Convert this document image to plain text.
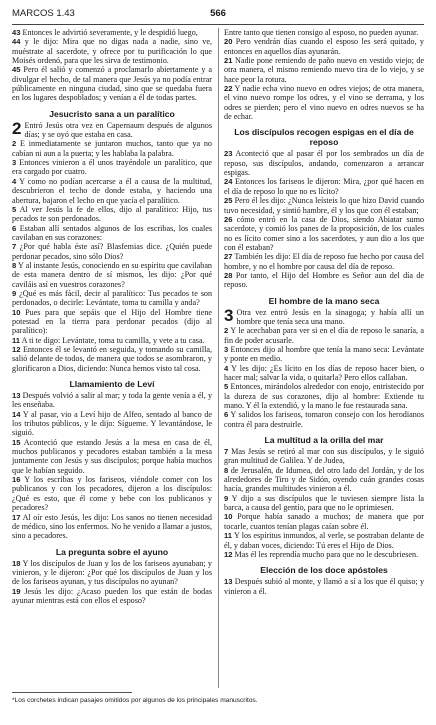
MARCOS 1.43	566

43 Entonces le advirtió severamente, y le despidió luego,

44 y le dijo: Mira que no digas nada a nadie, sino ve, muéstrate al sacerdote, y ofrece por tu purificación lo que Moisés ordenó, para que les sirva de testimonio.

45 Pero él salió y comenzó a proclamarlo abiertamente y a divulgar el hecho, de tal manera que Jesús ya no podía entrar públicamente en ninguna ciudad, sino que se quedaba fuera en los lugares despoblados; y venían a él de todas partes.

Jesucristo sana a un paralítico
2 Entró Jesús otra vez en Capernaum después de algunos días; y se oyó que estaba en casa.

2 E inmediatamente se juntaron muchos, tanto que ya no cabían ni aun a la puerta; y les hablaba la palabra.

3 Entonces vinieron a él unos trayéndole un paralítico, que era cargado por cuatro.

4 Y como no podían acercarse a él a causa de la multitud, descubrieron el techo de donde estaba, y haciendo una abertura, bajaron el lecho en que yacía el paralítico.

5 Al ver Jesús la fe de ellos, dijo al paralítico: Hijo, tus pecados te son perdonados.

6 Estaban allí sentados algunos de los escribas, los cuales cavilaban en sus corazones:

7 ¿Por qué habla éste así? Blasfemias dice. ¿Quién puede perdonar pecados, sino sólo Dios?

8 Y al instante Jesús, conociendo en su espíritu que cavilaban de esta manera dentro de sí mismos, les dijo: ¿Por qué caviláis así en vuestros corazones?

9 ¿Qué es más fácil, decir al paralítico: Tus pecados te son perdonados, o decirle: Levántate, toma tu camilla y anda?

10 Pues para que sepáis que el Hijo del Hombre tiene potestad en la tierra para perdonar pecados (dijo al paralítico):

11 A ti te digo: Levántate, toma tu camilla, y vete a tu casa.

12 Entonces él se levantó en seguida, y tomando su camilla, salió delante de todos, de manera que todos se asombraron, y glorificaron a Dios, diciendo: Nunca hemos visto tal cosa.

Llamamiento de Leví

13 Después volvió a salir al mar; y toda la gente venía a él, y les enseñaba.

14 Y al pasar, vio a Leví hijo de Alfeo, sentado al banco de los tributos públicos, y le dijo: Sígueme. Y levantándose, le siguió.

15 Aconteció que estando Jesús a la mesa en casa de él, muchos publicanos y pecadores estaban también a la mesa juntamente con Jesús y sus discípulos; porque había muchos que le habían seguido.

16 Y los escribas y los fariseos, viéndole comer con los publicanos y con los pecadores, dijeron a los discípulos: ¿Qué es esto, que él come y bebe con los publicanos y pecadores?

17 Al oír esto Jesús, les dijo: Los sanos no tienen necesidad de médico, sino los enfermos. No he venido a llamar a justos, sino a pecadores.

La pregunta sobre el ayuno

18 Y los discípulos de Juan y los de los fariseos ayunaban; y vinieron, y le dijeron: ¿Por qué los discípulos de Juan y los de los fariseos ayunan, y tus discípulos no ayunan?

19 Jesús les dijo: ¿Acaso pueden los que están de bodas ayunar mientras está con ellos el esposo?

Entre tanto que tienen consigo al esposo, no pueden ayunar.

20 Pero vendrán días cuando el esposo les será quitado, y entonces en aquellos días ayunarán.

21 Nadie pone remiendo de paño nuevo en vestido viejo; de otra manera, el mismo remiendo nuevo tira de lo viejo, y se hace peor la rotura.

22 Y nadie echa vino nuevo en odres viejos; de otra manera, el vino nuevo rompe los odres, y el vino se derrama, y los odres se pierden; pero el vino nuevo en odres nuevos se ha de echar.

Los discípulos recogen espigas en el día de reposo

23 Aconteció que al pasar él por los sembrados un día de reposo, sus discípulos, andando, comenzaron a arrancar espigas.

24 Entonces los fariseos le dijeron: Mira, ¿por qué hacen en el día de reposo lo que no es lícito?

25 Pero él les dijo: ¿Nunca leísteis lo que hizo David cuando tuvo necesidad, y sintió hambre, él y los que con él estaban;

26 cómo entró en la casa de Dios, siendo Abiatar sumo sacerdote, y comió los panes de la proposición, de los cuales no es lícito comer sino a los sacerdotes, y aun dio a los que con él estaban?

27 También les dijo: El día de reposo fue hecho por causa del hombre, y no el hombre por causa del día de reposo.

28 Por tanto, el Hijo del Hombre es Señor aun del día de reposo.

El hombre de la mano seca
3 Otra vez entró Jesús en la sinagoga; y había allí un hombre que tenía seca una mano.

2 Y le acechaban para ver si en el día de reposo le sanaría, a fin de poder acusarle.

3 Entonces dijo al hombre que tenía la mano seca: Levántate y ponte en medio.

4 Y les dijo: ¿Es lícito en los días de reposo hacer bien, o hacer mal; salvar la vida, o quitarla? Pero ellos callaban.

5 Entonces, mirándolos alrededor con enojo, entristecido por la dureza de sus corazones, dijo al hombre: Extiende tu mano. Y él la extendió, y la mano le fue restaurada sana.

6 Y salidos los fariseos, tomaron consejo con los herodianos contra él para destruirle.

La multitud a la orilla del mar

7 Mas Jesús se retiró al mar con sus discípulos, y le siguió gran multitud de Galilea. Y de Judea,

8 de Jerusalén, de Idumea, del otro lado del Jordán, y de los alrededores de Tiro y de Sidón, oyendo cuán grandes cosas hacía, grandes multitudes vinieron a él.

9 Y dijo a sus discípulos que le tuviesen siempre lista la barca, a causa del gentío, para que no le oprimiesen.

10 Porque había sanado a muchos; de manera que por tocarle, cuantos tenían plagas caían sobre él.

11 Y los espíritus inmundos, al verle, se postraban delante de él, y daban voces, diciendo: Tú eres el Hijo de Dios.

12 Mas él les reprendía mucho para que no le descubriesen.

Elección de los doce apóstoles

13 Después subió al monte, y llamó a sí a los que él quiso; y vinieron a él.

*Los corchetes indican pasajes omitidos por algunos de los principales manuscritos.
